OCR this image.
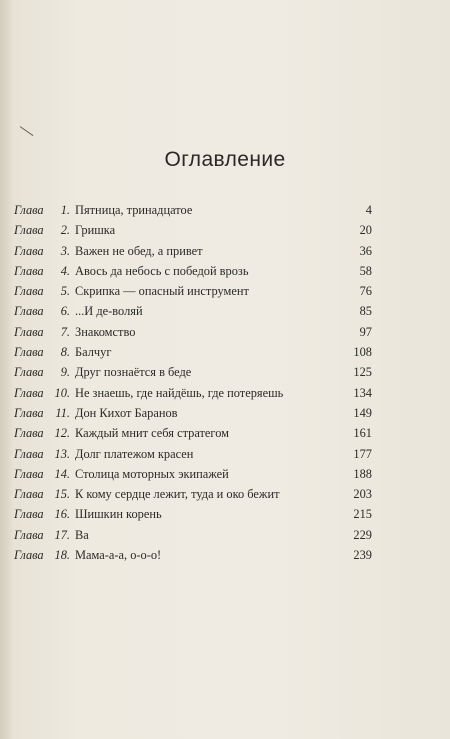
Оглавление
Глава	1. Пятница, тринадцатое	4
Глава	2. Гришка	20
Глава	3. Важен не обед, а привет	36
Глава	4. Авось да небось с победой врозь	58
Глава	5. Скрипка — опасный инструмент	76
Глава	6. ...И де-воляй	85
Глава	7. Знакомство	97
Глава	8. Балчуг	108
Глава	9. Друг познаётся в беде	125
Глава 10. Не знаешь, где найдёшь, где потеряешь	134
Глава 11. Дон Кихот Баранов	149
Глава 12. Каждый мнит себя стратегом	161
Глава 13. Долг платежом красен	177
Глава 14. Столица моторных экипажей	188
Глава 15. К кому сердце лежит, туда и око бежит	203
Глава 16. Шишкин корень	215
Глава 17. Ва	229
Глава 18. Мама-а-а, о-о-о!	239
